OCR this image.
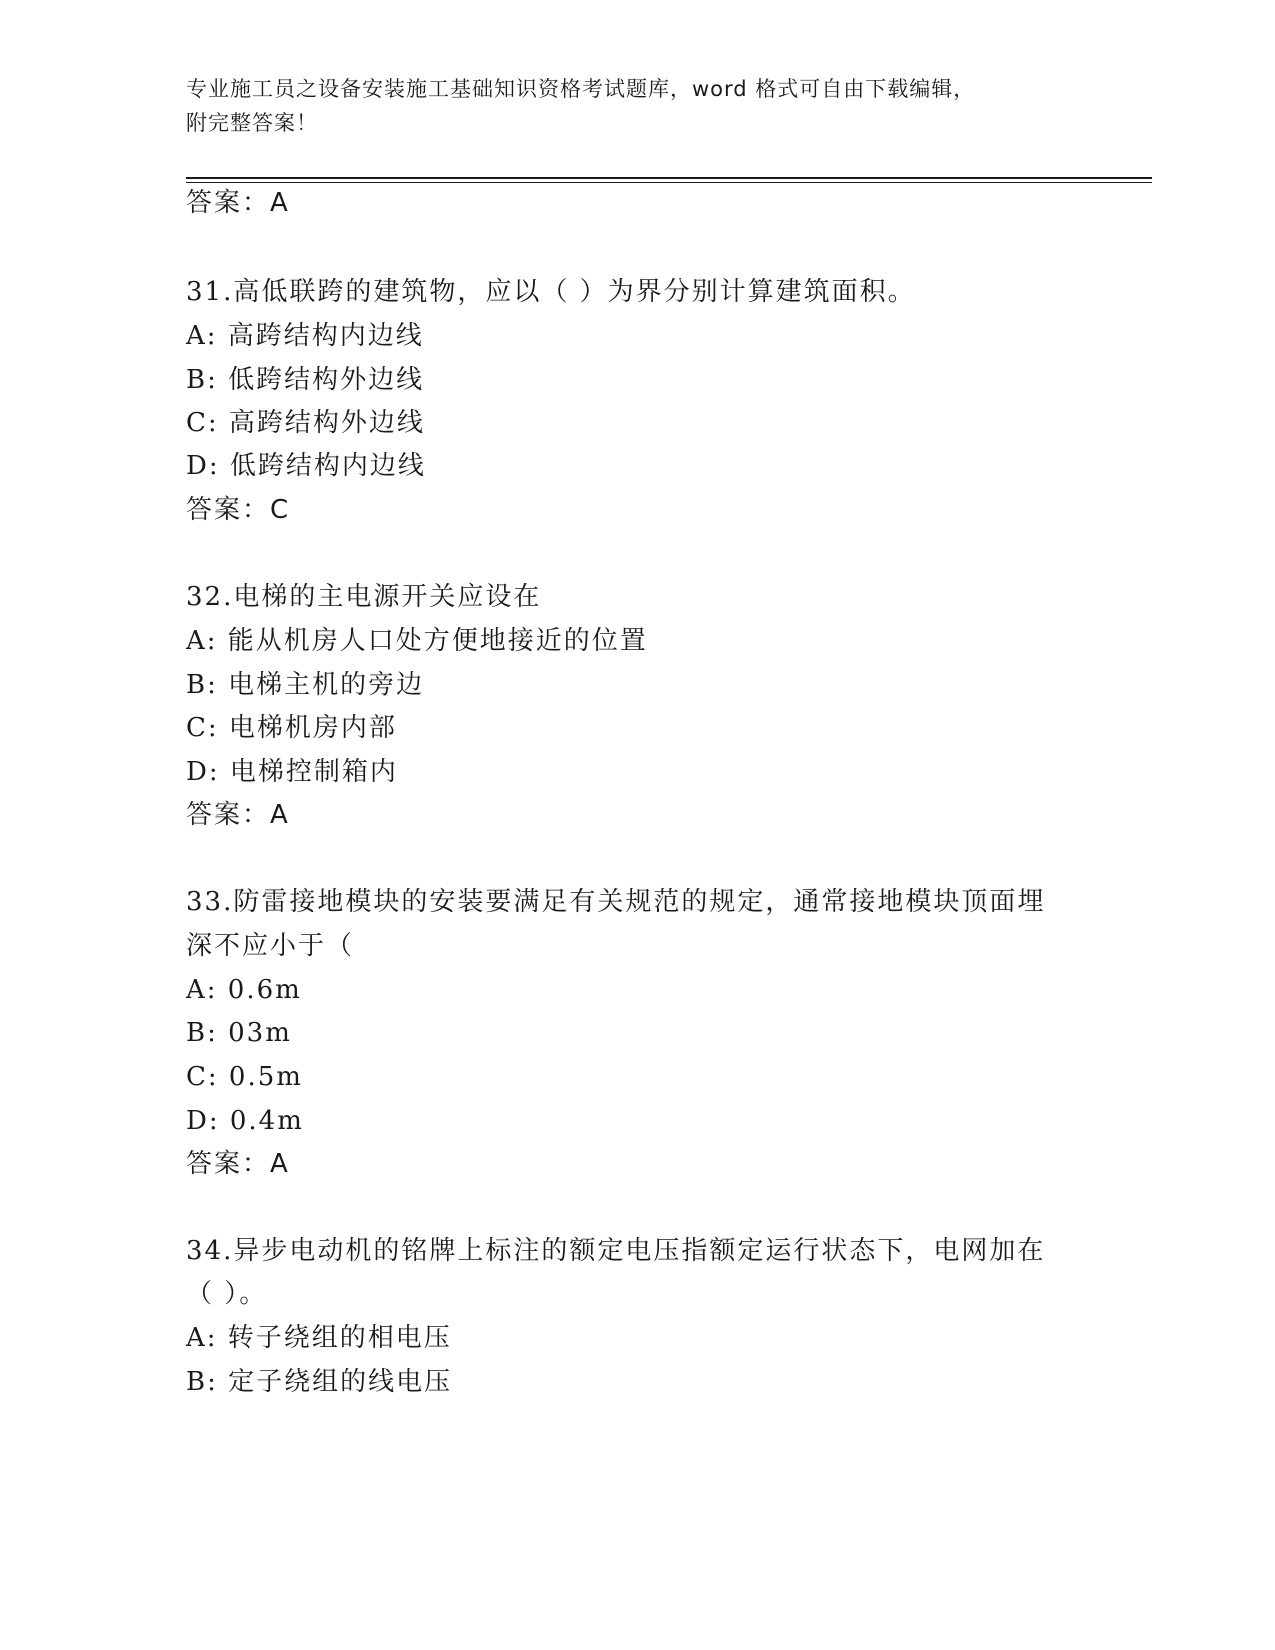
专业施工员之设备安装施工基础知识资格考试题库，word 格式可自由下载编辑，
附完整答案！
答案：A
31.高低联跨的建筑物，应以（ ）为界分别计算建筑面积。
A: 高跨结构内边线
B: 低跨结构外边线
C: 高跨结构外边线
D: 低跨结构内边线
答案：C
32.电梯的主电源开关应设在
A: 能从机房人口处方便地接近的位置
B: 电梯主机的旁边
C: 电梯机房内部
D: 电梯控制箱内
答案：A
33.防雷接地模块的安装要满足有关规范的规定，通常接地模块顶面埋
深不应小于（
A: 0.6m
B: 03m
C: 0.5m
D: 0.4m
答案：A
34.异步电动机的铭牌上标注的额定电压指额定运行状态下，电网加在
（ ）。
A: 转子绕组的相电压
B: 定子绕组的线电压
